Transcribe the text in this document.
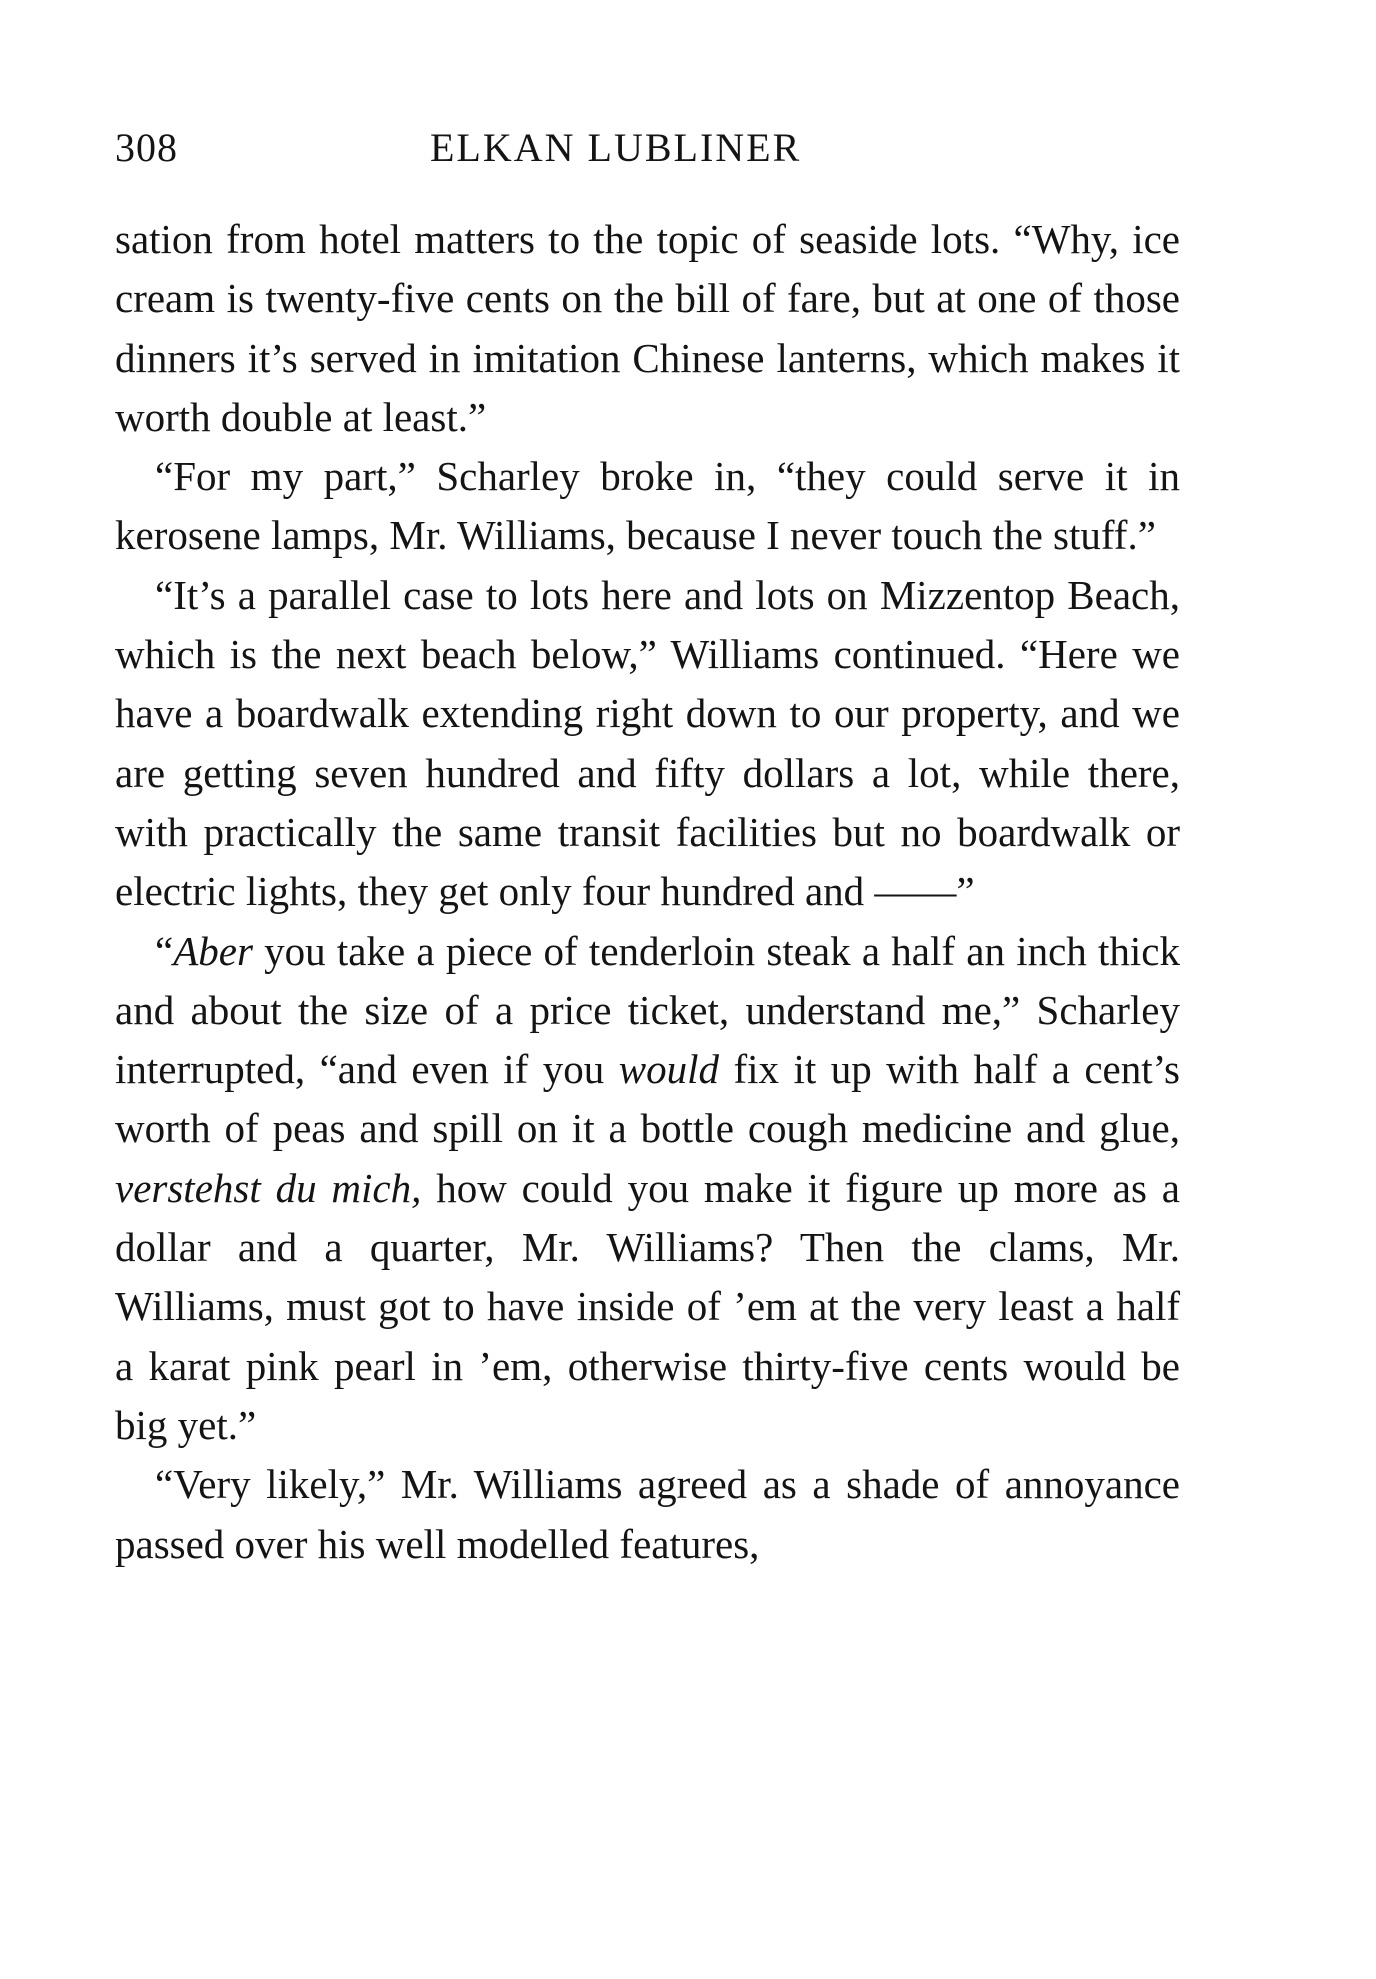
308	ELKAN LUBLINER

sation from hotel matters to the topic of seaside lots. “Why, ice cream is twenty-five cents on the bill of fare, but at one of those dinners it’s served in imitation Chinese lanterns, which makes it worth double at least.”

“For my part,” Scharley broke in, “they could serve it in kerosene lamps, Mr. Williams, because I never touch the stuff.”

“It’s a parallel case to lots here and lots on Mizzentop Beach, which is the next beach below,” Williams continued. “Here we have a boardwalk extending right down to our property, and we are getting seven hundred and fifty dollars a lot, while there, with practically the same transit facilities but no boardwalk or electric lights, they get only four hundred and ——”

“Aber you take a piece of tenderloin steak a half an inch thick and about the size of a price ticket, understand me,” Scharley interrupted, “and even if you would fix it up with half a cent’s worth of peas and spill on it a bottle cough medicine and glue, verstehst du mich, how could you make it figure up more as a dollar and a quarter, Mr. Williams? Then the clams, Mr. Williams, must got to have inside of ’em at the very least a half a karat pink pearl in ’em, otherwise thirty-five cents would be big yet.”

“Very likely,” Mr. Williams agreed as a shade of annoyance passed over his well modelled features,
